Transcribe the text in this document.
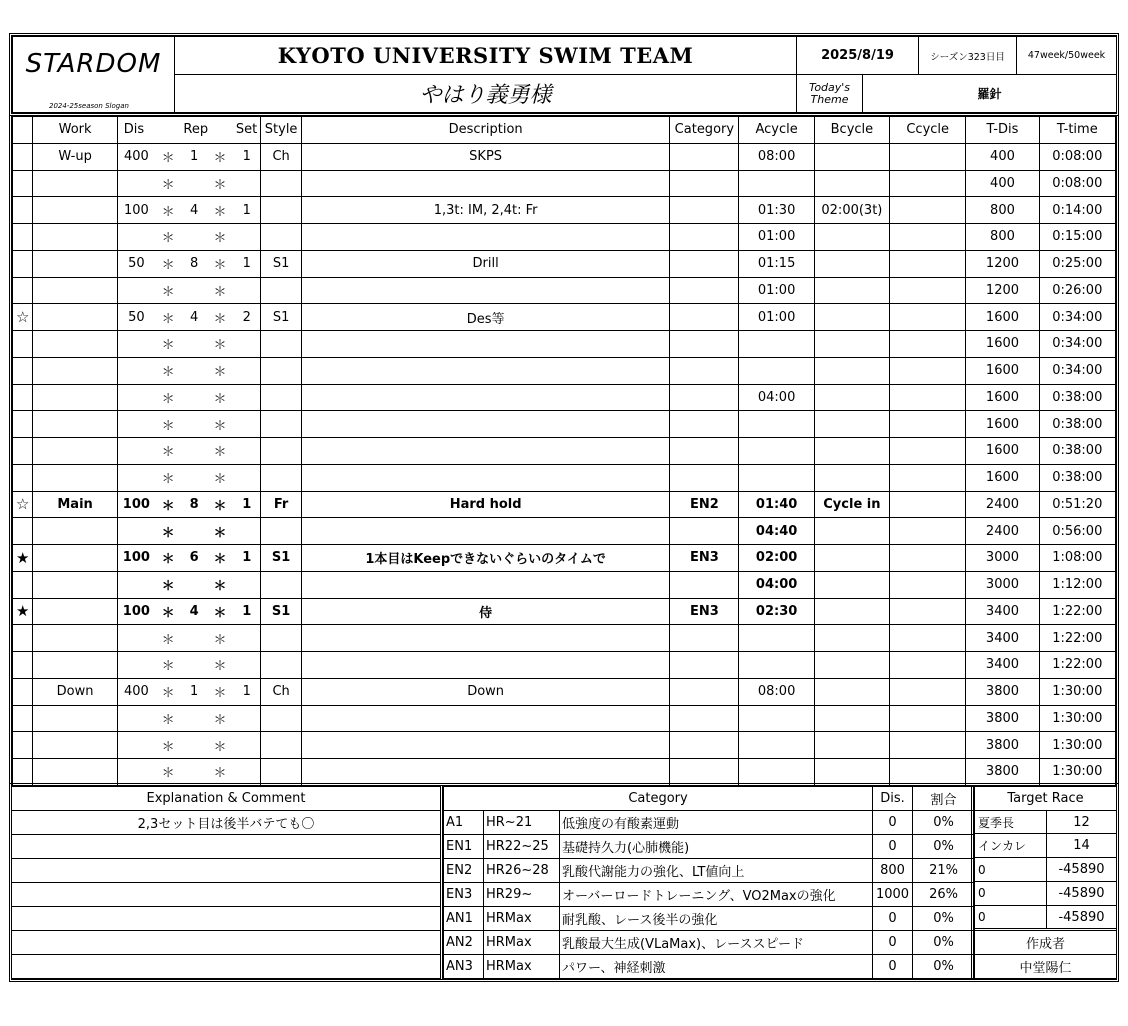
STARDOM
2024-25season Slogan	KYOTO UNIVERSITY SWIM TEAM	2025/8/19		シーズン323日目	47week/50week
	やはり義勇様	Today's
Theme	羅針		
	Work	Dis		Rep		Set	Style	Description	Category	Acycle	Bcycle	Ccycle	T-Dis	T-time
	W-up	400	＊	1	＊	1	Ch	SKPS		08:00			400	0:08:00
			＊		＊								400	0:08:00
		100	＊	4	＊	1		1,3t: IM, 2,4t: Fr		01:30	02:00(3t)		800	0:14:00
			＊		＊					01:00			800	0:15:00
		50	＊	8	＊	1	S1	Drill		01:15			1200	0:25:00
			＊		＊					01:00			1200	0:26:00
☆		50	＊	4	＊	2	S1	Des等		01:00			1600	0:34:00
			＊		＊								1600	0:34:00
			＊		＊								1600	0:34:00
			＊		＊					04:00			1600	0:38:00
			＊		＊								1600	0:38:00
			＊		＊								1600	0:38:00
			＊		＊								1600	0:38:00
☆	Main	100	＊	8	＊	1	Fr	Hard hold	EN2	01:40	Cycle in		2400	0:51:20
			＊		＊					04:40			2400	0:56:00
★		100	＊	6	＊	1	S1	1本目はKeepできないぐらいのタイムで	EN3	02:00			3000	1:08:00
			＊		＊					04:00			3000	1:12:00
★		100	＊	4	＊	1	S1	侍	EN3	02:30			3400	1:22:00
			＊		＊								3400	1:22:00
			＊		＊								3400	1:22:00
	Down	400	＊	1	＊	1	Ch	Down		08:00			3800	1:30:00
			＊		＊								3800	1:30:00
			＊		＊								3800	1:30:00
			＊		＊								3800	1:30:00
Explanation & Comment
2,3セット目は後半バテても〇

Category			Dis.	割合
A1	HR~21	低強度の有酸素運動	0	0%
EN1	HR22~25	基礎持久力(心肺機能)	0	0%
EN2	HR26~28	乳酸代謝能力の強化、LT値向上	800	21%
EN3	HR29~	オーバーロードトレーニング、VO2Maxの強化	1000	26%
AN1	HRMax	耐乳酸、レース後半の強化	0	0%
AN2	HRMax	乳酸最大生成(VLaMax)、レーススピード	0	0%
AN3	HRMax	パワー、神経刺激	0	0%
Target Race	
夏季長	12
インカレ	14
0	-45890
0	-45890
0	-45890
作成者	
中堂陽仁	
